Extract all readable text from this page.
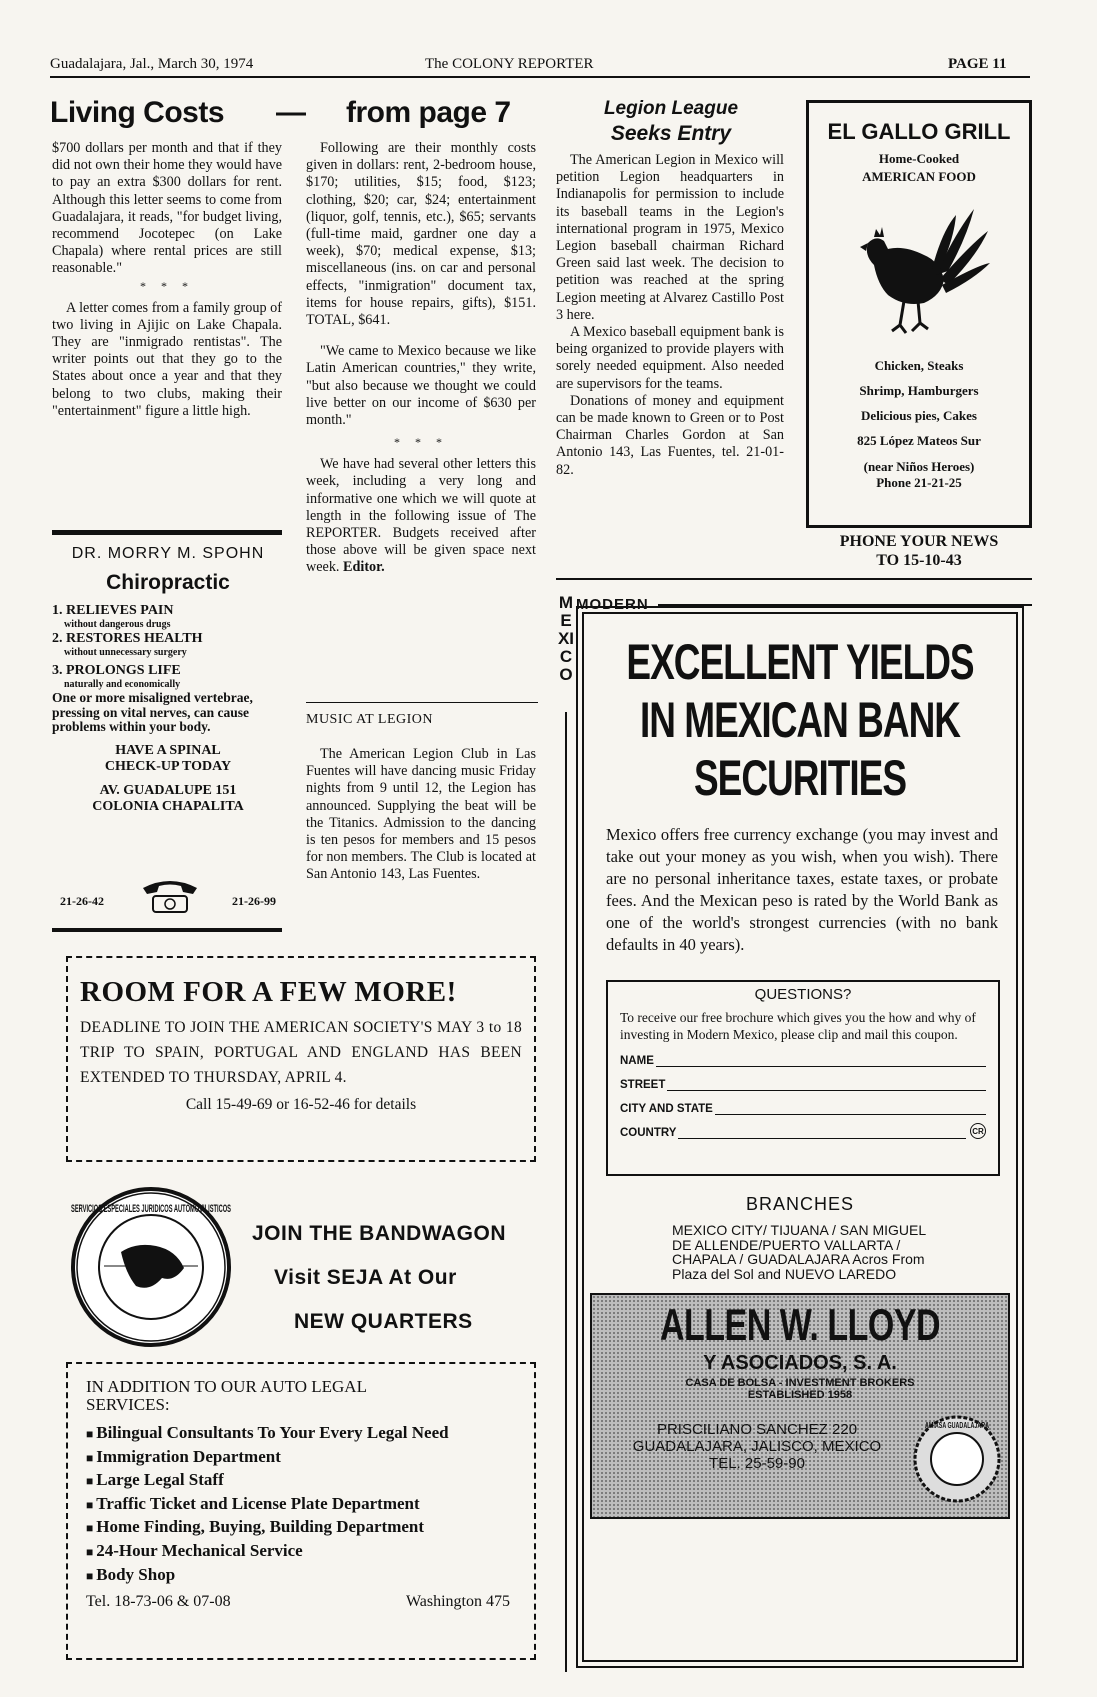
Guadalajara, Jal., March 30, 1974	The COLONY REPORTER	PAGE 11
Living Costs — from page 7

$700 dollars per month and that if they did not own their home they would have to pay an extra $300 dollars for rent. Although this letter seems to come from Guadalajara, it reads, "for budget living, recommend Jocotepec (on Lake Chapala) where rental prices are still reasonable."

* * *

A letter comes from a family group of two living in Ajijic on Lake Chapala. They are "inmigrado rentistas". The writer points out that they go to the States about once a year and that they belong to two clubs, making their "entertainment" figure a little high.

DR. MORRY M. SPOHN
Chiropractic
1. RELIEVES PAIN
without dangerous drugs
2. RESTORES HEALTH
without unnecessary surgery
3. PROLONGS LIFE
naturally and economically
One or more misaligned vertebrae, pressing on vital nerves, can cause problems within your body.
HAVE A SPINAL
CHECK-UP TODAY
AV. GUADALUPE 151
COLONIA CHAPALITA
21-26-42	21-26-99

Following are their monthly costs given in dollars: rent, 2-bedroom house, $170; utilities, $15; food, $123; clothing, $20; car, $24; entertainment (liquor, golf, tennis, etc.), $65; servants (full-time maid, gardner one day a week), $70; medical expense, $13; miscellaneous (ins. on car and personal effects, "inmigration" document tax, items for house repairs, gifts), $151. TOTAL, $641.

"We came to Mexico because we like Latin American countries," they write, "but also because we thought we could live better on our income of $630 per month."

* * *

We have had several other letters this week, including a very long and informative one which we will quote at length in the following issue of The REPORTER. Budgets received after those above will be given space next week. Editor.

MUSIC AT LEGION

The American Legion Club in Las Fuentes will have dancing music Friday nights from 9 until 12, the Legion has announced. Supplying the beat will be the Titanics. Admission to the dancing is ten pesos for members and 15 pesos for non members. The Club is located at San Antonio 143, Las Fuentes.

Legion League
Seeks Entry

The American Legion in Mexico will petition Legion headquarters in Indianapolis for permission to include its baseball teams in the Legion's international program in 1975, Mexico Legion baseball chairman Richard Green said last week. The decision to petition was reached at the spring Legion meeting at Alvarez Castillo Post 3 here.

A Mexico baseball equipment bank is being organized to provide players with sorely needed equipment. Also needed are supervisors for the teams.

Donations of money and equipment can be made known to Green or to Post Chairman Charles Gordon at San Antonio 143, Las Fuentes, tel. 21-01-82.

EL GALLO GRILL
Home-Cooked
AMERICAN FOOD
Chicken, Steaks
Shrimp, Hamburgers
Delicious pies, Cakes
825 López Mateos Sur
(near Niños Heroes)
Phone 21-21-25
PHONE YOUR NEWS
TO 15-10-43
ROOM FOR A FEW MORE!
DEADLINE TO JOIN THE AMERICAN SOCIETY'S MAY 3 to 18 TRIP TO SPAIN, PORTUGAL AND ENGLAND HAS BEEN EXTENDED TO THURSDAY, APRIL 4.
Call 15-49-69 or 16-52-46 for details
SERVICIOS ESPECIALES JURIDICOS AUTOMOVILISTICOS
JOIN THE BANDWAGON
Visit SEJA At Our
NEW QUARTERS
IN ADDITION TO OUR AUTO LEGAL SERVICES:
■ Bilingual Consultants To Your Every Legal Need
■ Immigration Department
■ Large Legal Staff
■ Traffic Ticket and License Plate Department
■ Home Finding, Buying, Building Department
■ 24-Hour Mechanical Service
■ Body Shop
Tel. 18-73-06 & 07-08	Washington 475
MODERN
MEXICO	EXCELLENT YIELDS
IN MEXICAN BANK
SECURITIES
Mexico offers free currency exchange (you may invest and take out your money as you wish, when you wish). There are no personal inheritance taxes, estate taxes, or probate fees. And the Mexican peso is rated by the World Bank as one of the world's strongest currencies (with no bank defaults in 40 years).
QUESTIONS?
To receive our free brochure which gives you the how and why of investing in Modern Mexico, please clip and mail this coupon.
NAME
STREET
CITY AND STATE
COUNTRY	CR
BRANCHES
MEXICO CITY/ TIJUANA / SAN MIGUEL DE ALLENDE/PUERTO VALLARTA / CHAPALA / GUADALAJARA Acros From Plaza del Sol and NUEVO LAREDO
ALLEN W. LLOYD
Y ASOCIADOS, S. A.
CASA DE BOLSA - INVESTMENT BROKERS
ESTABLISHED 1958
PRISCILIANO SANCHEZ 220
GUADALAJARA, JALISCO, MEXICO
TEL. 25-59-90
AMIASA GUADALAJARA
